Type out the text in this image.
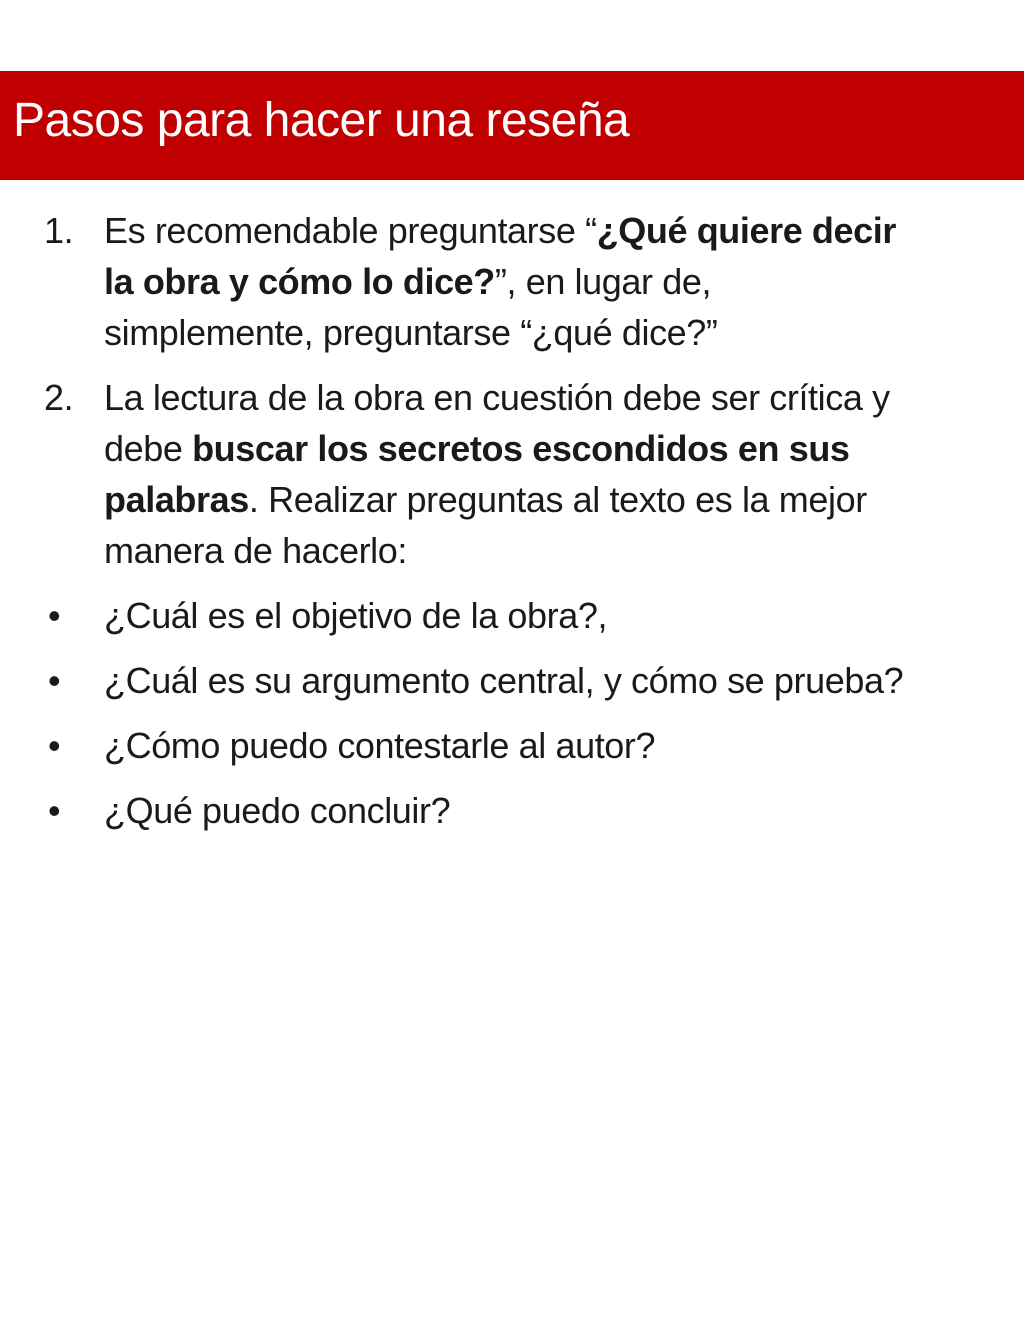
Pasos para hacer una reseña
1. Es recomendable preguntarse “¿Qué quiere decir la obra y cómo lo dice?”, en lugar de, simplemente, preguntarse “¿qué dice?”
2. La lectura de la obra en cuestión debe ser crítica y debe buscar los secretos escondidos en sus palabras. Realizar preguntas al texto es la mejor manera de hacerlo:
•	¿Cuál es el objetivo de la obra?,
•	¿Cuál es su argumento central, y cómo se prueba?
•	¿Cómo puedo contestarle al autor?
•	¿Qué puedo concluir?
